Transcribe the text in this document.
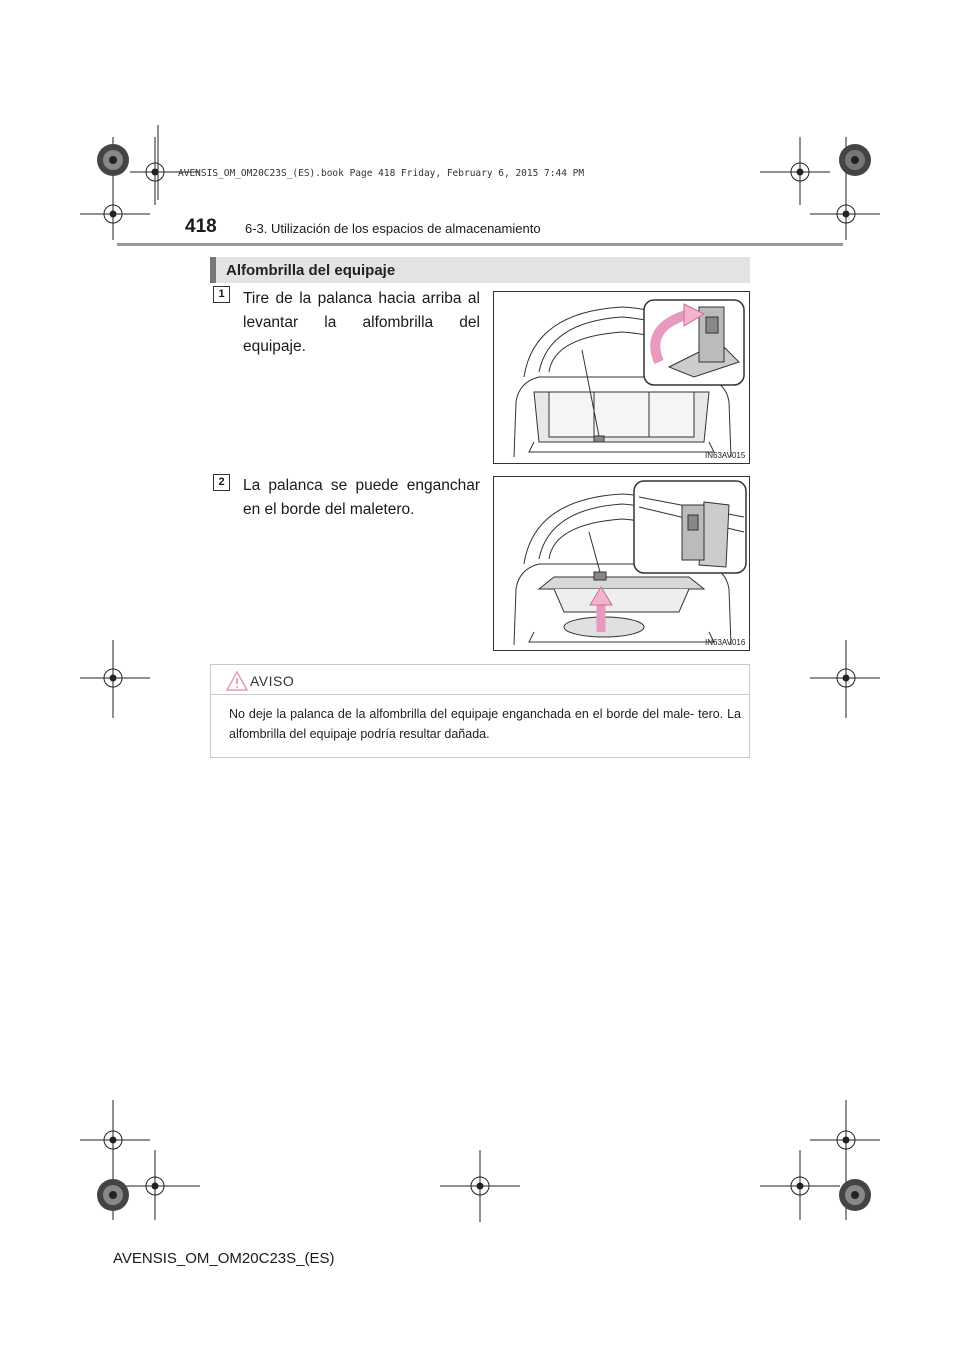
AVENSIS_OM_OM20C23S_(ES).book Page 418 Friday, February 6, 2015 7:44 PM
418 6-3. Utilización de los espacios de almacenamiento
Alfombrilla del equipaje
1	Tire de la palanca hacia arriba al levantar la alfombrilla del equipaje.
IN63AV015
2	La palanca se puede enganchar en el borde del maletero.
IN63AV016
AVISO
No deje la palanca de la alfombrilla del equipaje enganchada en el borde del male- tero. La alfombrilla del equipaje podría resultar dañada.
AVENSIS_OM_OM20C23S_(ES)
